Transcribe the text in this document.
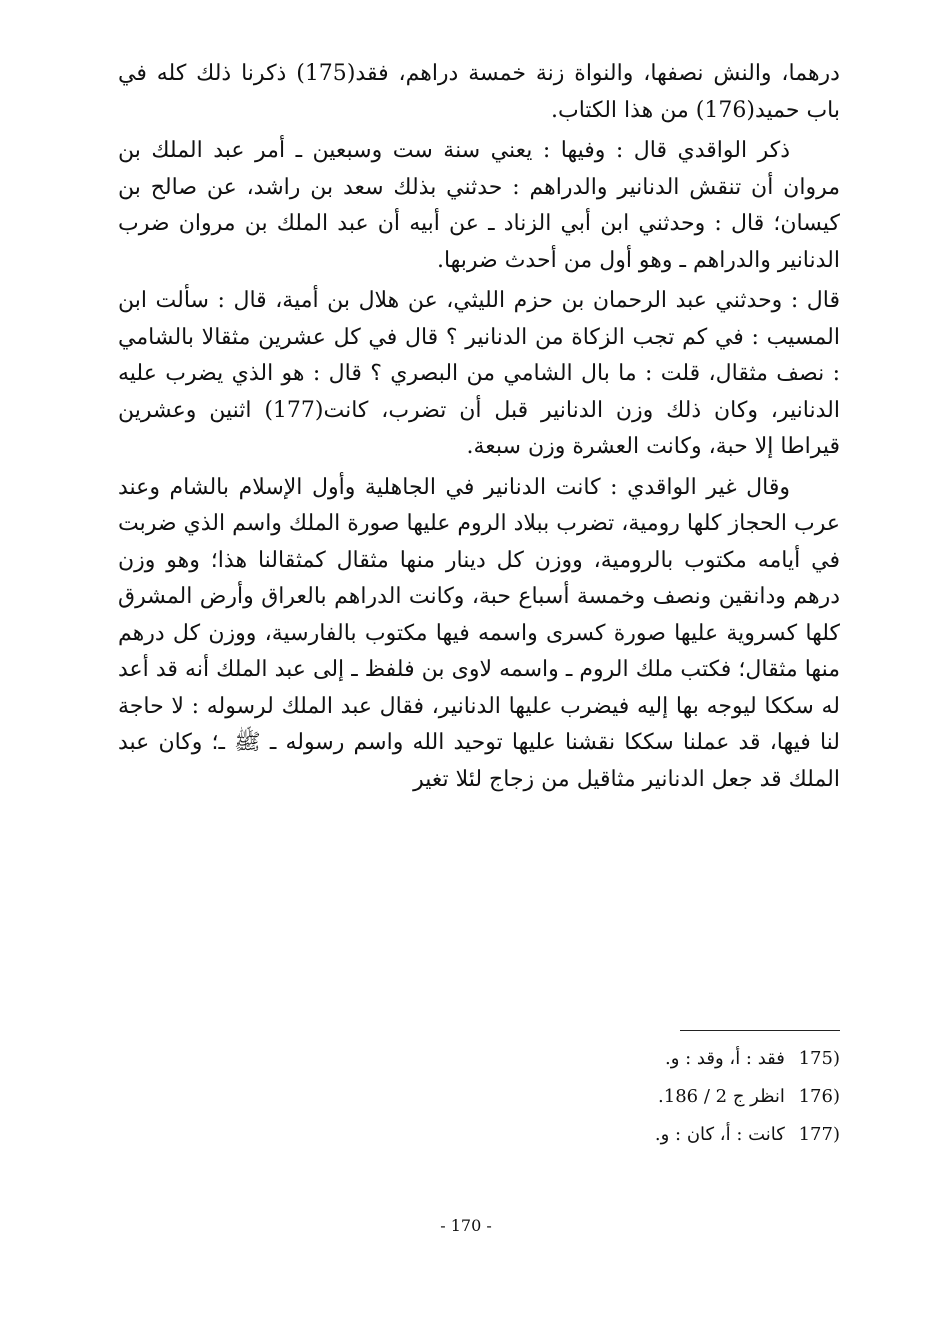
درهما، والنش نصفها، والنواة زنة خمسة دراهم، فقد(175) ذكرنا ذلك كله في باب حميد(176) من هذا الكتاب.

ذكر الواقدي قال : وفيها : يعني سنة ست وسبعين ـ أمر عبد الملك بن مروان أن تنقش الدنانير والدراهم : حدثني بذلك سعد بن راشد، عن صالح بن كيسان؛ قال : وحدثني ابن أبي الزناد ـ عن أبيه أن عبد الملك بن مروان ضرب الدنانير والدراهم ـ وهو أول من أحدث ضربها.

قال : وحدثني عبد الرحمان بن حزم الليثي، عن هلال بن أمية، قال : سألت ابن المسيب : في كم تجب الزكاة من الدنانير ؟ قال في كل عشرين مثقالا بالشامي : نصف مثقال، قلت : ما بال الشامي من البصري ؟ قال : هو الذي يضرب عليه الدنانير، وكان ذلك وزن الدنانير قبل أن تضرب، كانت(177) اثنين وعشرين قيراطا إلا حبة، وكانت العشرة وزن سبعة.

وقال غير الواقدي : كانت الدنانير في الجاهلية وأول الإسلام بالشام وعند عرب الحجاز كلها رومية، تضرب ببلاد الروم عليها صورة الملك واسم الذي ضربت في أيامه مكتوب بالرومية، ووزن كل دينار منها مثقال كمثقالنا هذا؛ وهو وزن درهم ودانقين ونصف وخمسة أسباع حبة، وكانت الدراهم بالعراق وأرض المشرق كلها كسروية عليها صورة كسرى واسمه فيها مكتوب بالفارسية، ووزن كل درهم منها مثقال؛ فكتب ملك الروم ـ واسمه لاوى بن فلفظ ـ إلى عبد الملك أنه قد أعد له سككا ليوجه بها إليه فيضرب عليها الدنانير، فقال عبد الملك لرسوله : لا حاجة لنا فيها، قد عملنا سككا نقشنا عليها توحيد الله واسم رسوله ـ ﷺ ـ؛ وكان عبد الملك قد جعل الدنانير مثاقيل من زجاج لئلا تغير

(175 فقد : أ، وقد : و.
(176 انظر ج 2 / 186.
(177 كانت : أ، كان : و.
- 170 -
